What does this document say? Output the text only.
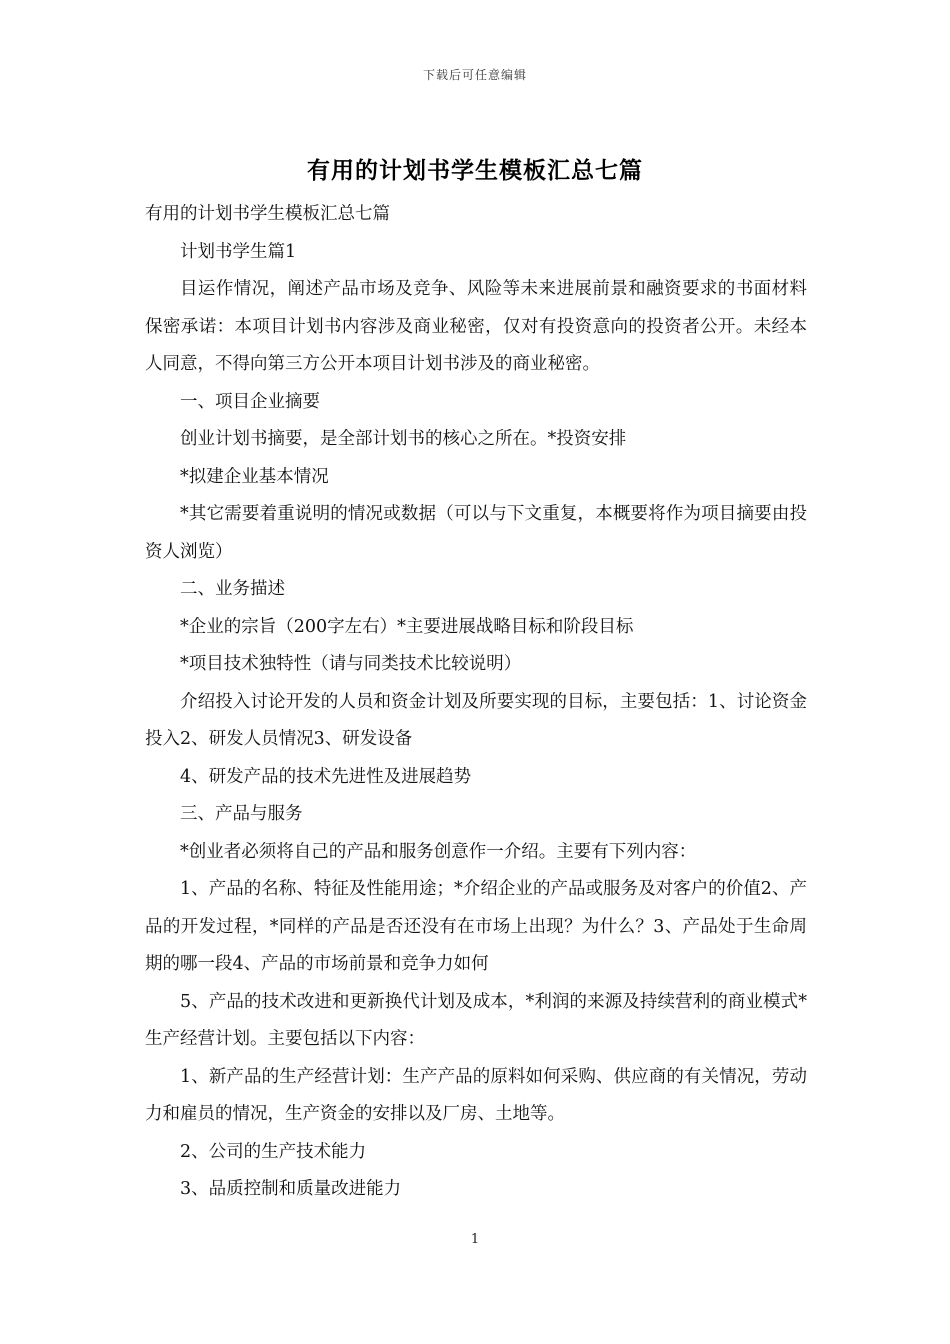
下载后可任意编辑
有用的计划书学生模板汇总七篇

有用的计划书学生模板汇总七篇

计划书学生篇1

目运作情况，阐述产品市场及竞争、风险等未来进展前景和融资要求的书面材料保密承诺：本项目计划书内容涉及商业秘密，仅对有投资意向的投资者公开。未经本人同意，不得向第三方公开本项目计划书涉及的商业秘密。

一、项目企业摘要

创业计划书摘要，是全部计划书的核心之所在。*投资安排

*拟建企业基本情况

*其它需要着重说明的情况或数据（可以与下文重复，本概要将作为项目摘要由投资人浏览）

二、业务描述

*企业的宗旨（200字左右）*主要进展战略目标和阶段目标

*项目技术独特性（请与同类技术比较说明）

介绍投入讨论开发的人员和资金计划及所要实现的目标，主要包括：1、讨论资金投入2、研发人员情况3、研发设备

4、研发产品的技术先进性及进展趋势

三、产品与服务

*创业者必须将自己的产品和服务创意作一介绍。主要有下列内容：

1、产品的名称、特征及性能用途；*介绍企业的产品或服务及对客户的价值2、产品的开发过程，*同样的产品是否还没有在市场上出现？为什么？3、产品处于生命周期的哪一段4、产品的市场前景和竞争力如何

5、产品的技术改进和更新换代计划及成本，*利润的来源及持续营利的商业模式*生产经营计划。主要包括以下内容：

1、新产品的生产经营计划：生产产品的原料如何采购、供应商的有关情况，劳动力和雇员的情况，生产资金的安排以及厂房、土地等。

2、公司的生产技术能力

3、品质控制和质量改进能力

1
